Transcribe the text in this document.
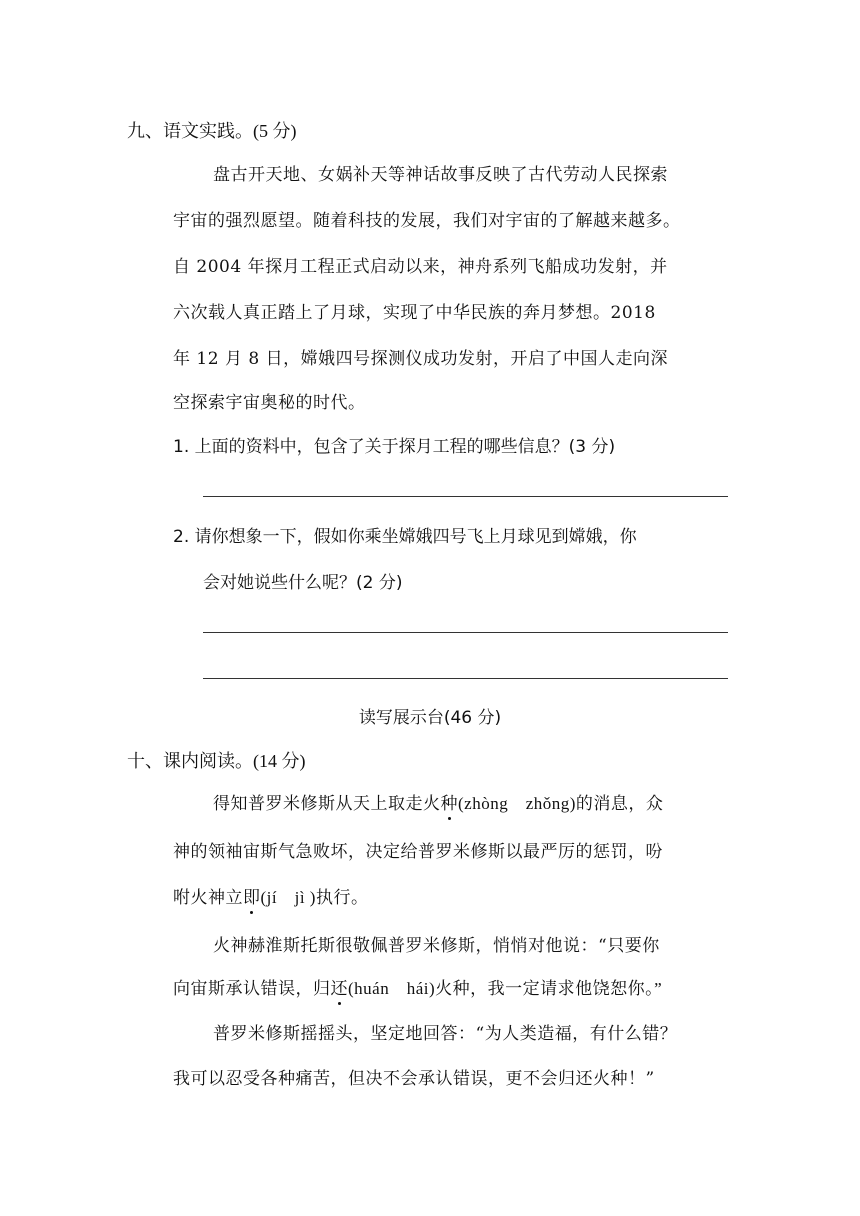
九、语文实践。(5 分)
盘古开天地、女娲补天等神话故事反映了古代劳动人民探索
宇宙的强烈愿望。随着科技的发展，我们对宇宙的了解越来越多。
自 2004 年探月工程正式启动以来，神舟系列飞船成功发射，并
六次载人真正踏上了月球，实现了中华民族的奔月梦想。2018
年 12 月 8 日，嫦娥四号探测仪成功发射，开启了中国人走向深
空探索宇宙奥秘的时代。
1. 上面的资料中，包含了关于探月工程的哪些信息？(3 分)
2. 请你想象一下，假如你乘坐嫦娥四号飞上月球见到嫦娥，你
会对她说些什么呢？(2 分)
读写展示台(46 分)
十、课内阅读。(14 分)
得知普罗米修斯从天上取走火种(zhòng　zhǒng)的消息，众
神的领袖宙斯气急败坏，决定给普罗米修斯以最严厉的惩罚，吩
咐火神立即(jí　jì )执行。
火神赫淮斯托斯很敬佩普罗米修斯，悄悄对他说：“只要你
向宙斯承认错误，归还(huán　hái)火种，我一定请求他饶恕你。”
普罗米修斯摇摇头，坚定地回答：“为人类造福，有什么错？
我可以忍受各种痛苦，但决不会承认错误，更不会归还火种！”
